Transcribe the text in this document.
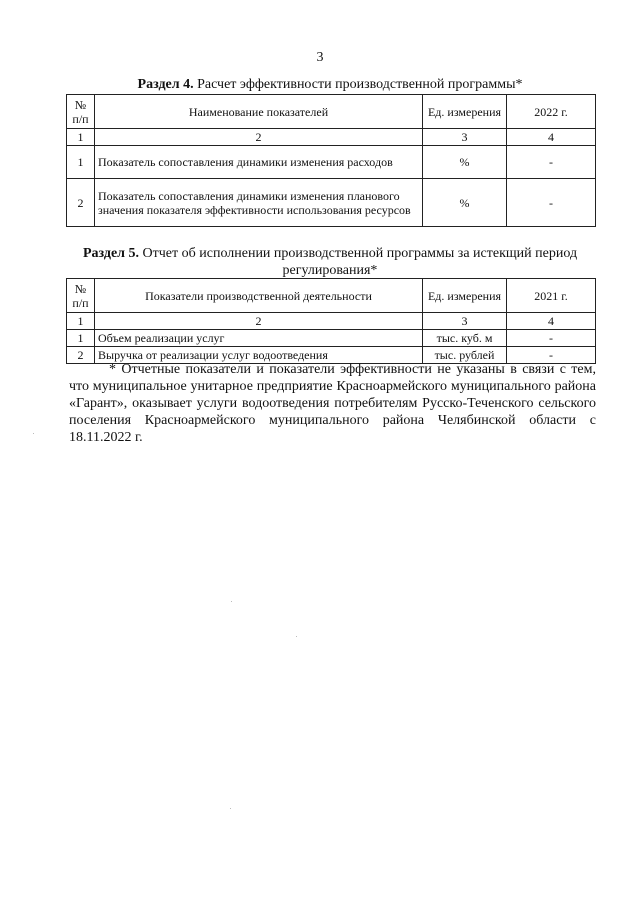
3
Раздел 4. Расчет эффективности производственной программы*
№ п/п	Наименование показателей	Ед. измерения	2022 г.
1	2	3	4
1	Показатель сопоставления динамики изменения расходов	%	-
2	Показатель сопоставления динамики изменения планового значения показателя эффективности использования ресурсов	%	-
Раздел 5. Отчет об исполнении производственной программы за истекщий период регулирования*
№ п/п	Показатели производственной деятельности	Ед. измерения	2021 г.
1	2	3	4
1	Объем реализации услуг	тыс. куб. м	-
2	Выручка от реализации услуг водоотведения	тыс. рублей	-
* Отчетные показатели и показатели эффективности не указаны в связи с тем, что муниципальное унитарное предприятие Красноармейского муниципального района «Гарант», оказывает услуги водоотведения потребителям Русско-Теченского сельского поселения Красноармейского муниципального района Челябинской области с 18.11.2022 г.
